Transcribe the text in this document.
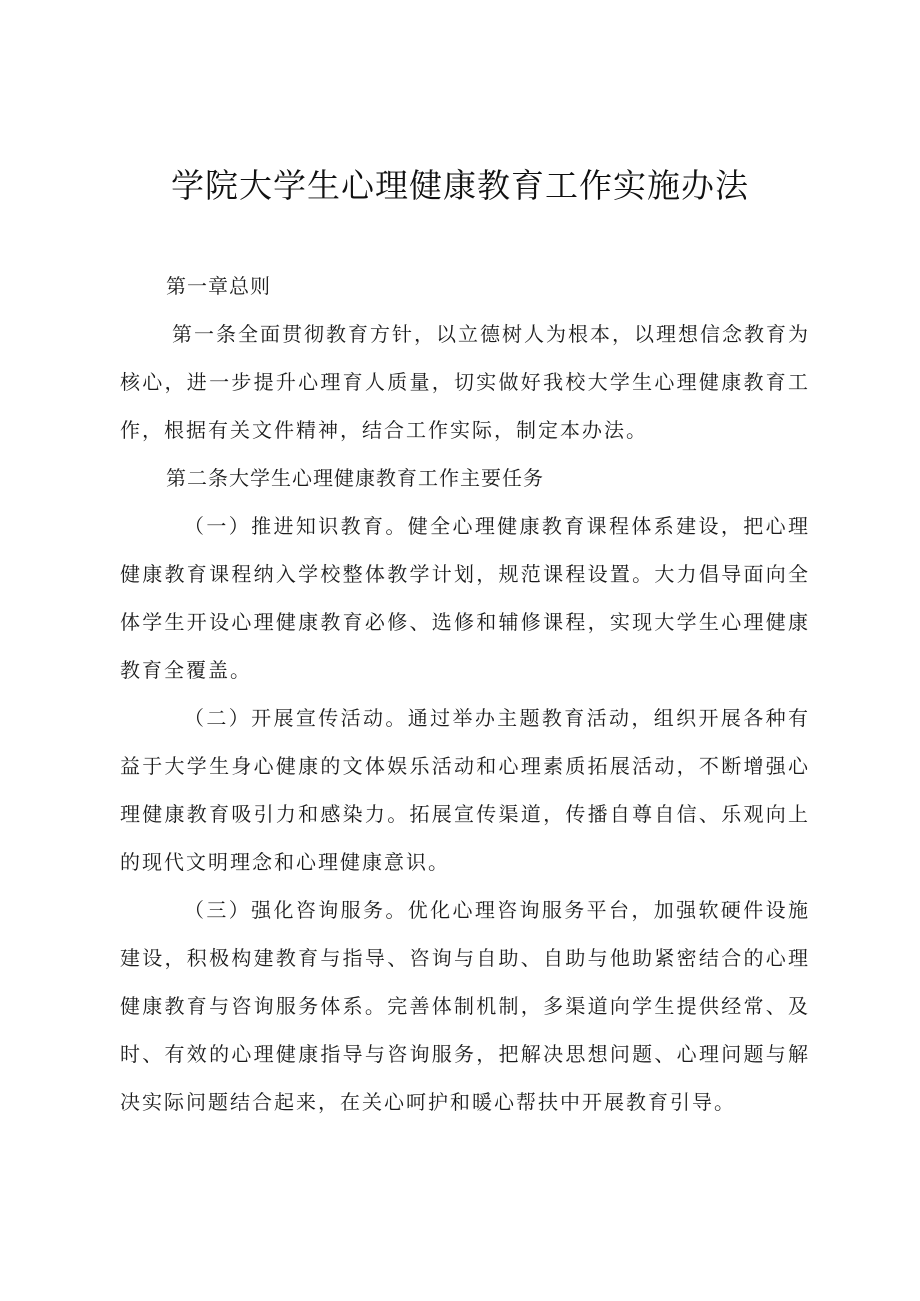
学院大学生心理健康教育工作实施办法

第一章总则

第一条全面贯彻教育方针，以立德树人为根本，以理想信念教育为核心，进一步提升心理育人质量，切实做好我校大学生心理健康教育工作，根据有关文件精神，结合工作实际，制定本办法。

第二条大学生心理健康教育工作主要任务

（一）推进知识教育。健全心理健康教育课程体系建设，把心理健康教育课程纳入学校整体教学计划，规范课程设置。大力倡导面向全体学生开设心理健康教育必修、选修和辅修课程，实现大学生心理健康教育全覆盖。

（二）开展宣传活动。通过举办主题教育活动，组织开展各种有益于大学生身心健康的文体娱乐活动和心理素质拓展活动，不断增强心理健康教育吸引力和感染力。拓展宣传渠道，传播自尊自信、乐观向上的现代文明理念和心理健康意识。

（三）强化咨询服务。优化心理咨询服务平台，加强软硬件设施建设，积极构建教育与指导、咨询与自助、自助与他助紧密结合的心理健康教育与咨询服务体系。完善体制机制，多渠道向学生提供经常、及时、有效的心理健康指导与咨询服务，把解决思想问题、心理问题与解决实际问题结合起来，在关心呵护和暖心帮扶中开展教育引导。
